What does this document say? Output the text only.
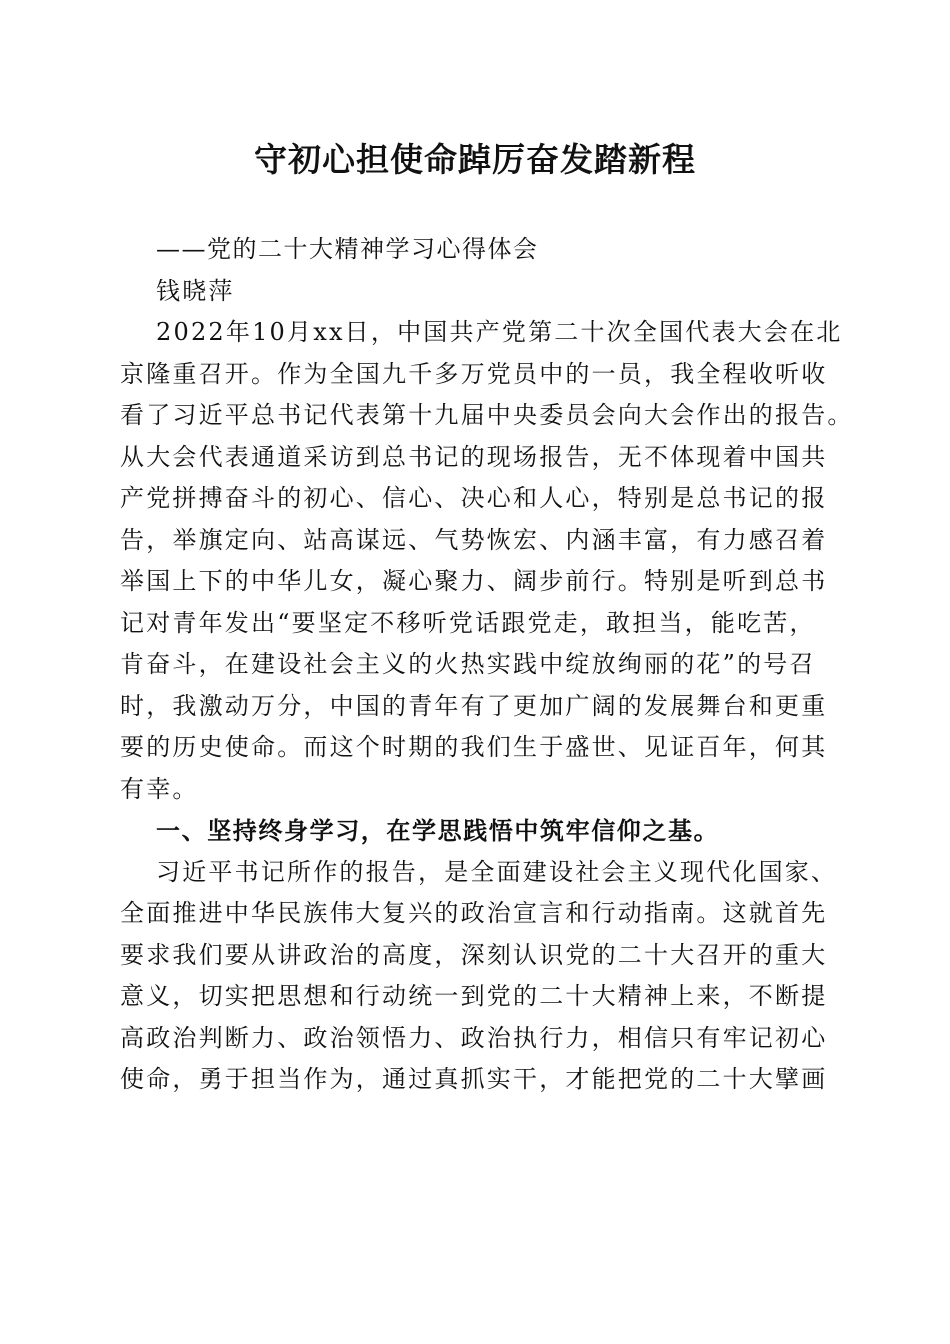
守初心担使命踔厉奋发踏新程
——党的二十大精神学习心得体会
钱晓萍
2022年10月xx日，中国共产党第二十次全国代表大会在北
京隆重召开。作为全国九千多万党员中的一员，我全程收听收
看了习近平总书记代表第十九届中央委员会向大会作出的报告。
从大会代表通道采访到总书记的现场报告，无不体现着中国共
产党拼搏奋斗的初心、信心、决心和人心，特别是总书记的报
告，举旗定向、站高谋远、气势恢宏、内涵丰富，有力感召着
举国上下的中华儿女，凝心聚力、阔步前行。特别是听到总书
记对青年发出“要坚定不移听党话跟党走，敢担当，能吃苦，
肯奋斗，在建设社会主义的火热实践中绽放绚丽的花”的号召
时，我激动万分，中国的青年有了更加广阔的发展舞台和更重
要的历史使命。而这个时期的我们生于盛世、见证百年，何其
有幸。
一、坚持终身学习，在学思践悟中筑牢信仰之基。
习近平书记所作的报告，是全面建设社会主义现代化国家、
全面推进中华民族伟大复兴的政治宣言和行动指南。这就首先
要求我们要从讲政治的高度，深刻认识党的二十大召开的重大
意义，切实把思想和行动统一到党的二十大精神上来，不断提
高政治判断力、政治领悟力、政治执行力，相信只有牢记初心
使命，勇于担当作为，通过真抓实干，才能把党的二十大擘画
